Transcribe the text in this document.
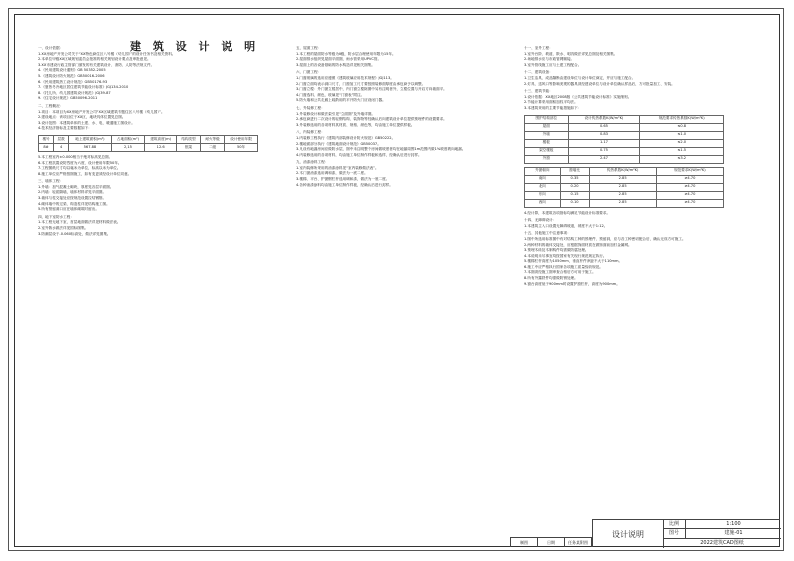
建 筑 设 计 说 明
一、设计依据：
1.XX房地产开发公司关于“XX特色商住区八号楼（幼儿园）”的设计任务书及相关资料。
2.本单位甲级XX区域规划委员会批准的相关规划设计要点及审批意见。
3.XX市建设行政主管部门颁发的有关建筑设计、消防、人防等法规文件。
4.《民用建筑设计通则》GB 50352-2005
5.《建筑设计防火规范》GB50016-2006
6.《民用建筑热工设计规范》GB50176-93
7.《夏热冬冷地区居住建筑节能设计标准》JGJ134-2010
8.《托儿所、幼儿园建筑设计规范》JGJ39-87
9.《住宅设计规范》GB50096-2011
二、工程概况：
1.项目：本项目为XX房地产开发公司“XX区域建筑专题住区八号楼（幼儿园）”。
2.建设地点：该项目位于XX区，地块具体位置见总图。
3.设计范围：本建筑单体的土建、水、电、暖通施工图设计。
4.技术经济指标及主要数据如下：
楼号	层数	地上建筑面积(m²)	占地面积(m²)	建筑高度(m)	结构类型	耐火等级	设计使用年限
8#	4	567.88	2,15	12.6	框架	二级	50年
5.本工程室内±0.000相当于绝对标高见总图。
6.本工程抗震设防烈度为六度，设计使用年限50年。
7.工程图纸尺寸均以毫米为单位，标高以米为单位。
8.施工单位应严格按图施工，如有变更须经设计单位同意。
三、墙体工程：
1.外墙：加气混凝土砌块，厚度见各层平面图。
2.内墙：轻质隔墙，墙体材料详见平面图。
3.墙体与柱交接处应按规范设置拉结钢筋。
4.砌体墙中的过梁、构造柱详见结构施工图。
5.所有预留洞口应在墙体砌筑时留出。
四、地下室防水工程：
1.本工程无地下室，首层地面做法详见材料做法表。
2.室外散水做法详见国标图集。
3.防潮层设于-0.060标高处，做法详见图集。
五、屋面工程：
1.本工程的屋面防水等级为Ⅱ级，防水层合理使用年限为15年。
2.屋面排水组织见屋面平面图，雨水管采用UPVC管。
3.屋面上的各设备基础的防水构造详见相关图集。
六、门窗工程：
1.门窗玻璃的选用应遵照《建筑玻璃应用技术规程》JGJ113。
2.门窗立面均表示洞口尺寸，门窗加工尺寸要按照装修面厚度由承包商予以调整。
3.门窗立樘：外门窗立樘居中，内门窗立樘除图中另有注明者外，立樘位置与开启方向墙面平。
4.门窗选料、颜色、玻璃见“门窗表”附注。
5.防火墙和公共走廊上疏散用的平开防火门应设闭门器。
七、外装修工程：
1.外装修设计和做法索引见“立面图”及外墙详图。
2.承包商进行二次设计的轻钢结构、装饰物等经确认后向建筑设计单位提供预埋件的设置要求。
3.外装修选用的各项材料其材质、规格、颜色等，均由施工单位提供样板。
八、内装修工程：
1.内装修工程执行《建筑内部装修设计防火规范》GB50222。
2.楼地面部分执行《建筑地面设计规范》GB50037。
3.凡设有地漏房间应做防水层，图中未注明整个房间做坡度者均在地漏周围1m范围内做1%坡度坡向地漏。
4.内装修选用的各项材料，均由施工单位制作样板和选样，经确认后进行封样。
九、油漆涂料工程：
1.室内装修所采用的油漆涂料见“室内装修做法表”。
2.木门窗油漆选用调和漆，做法为一底二度。
3.楼梯、平台、护窗钢栏杆选用调和漆，做法为一底二度。
4.各种油漆涂料均由施工单位制作样板，经确认后进行封样。
十一、室外工程：
1.室外台阶、坡道、散水、明沟做法详见总图及相关图集。
2.场地排水应与市政管网顺接。
3.室外管线施工应与土建工程配合。
十二、建筑设备：
1.卫生洁具、成品隔断由建设单位与设计单位商定，并应与施工配合。
2.灯具、送风口等影响美观的器具须经建设单位与设计单位确认样品后，方可批量加工、安装。
十三、建筑节能：
1.设计依据：XX地区2008版《公共建筑节能设计标准》实施细则。
2.节能计算采用面积加权平均法。
3.本建筑采用的主要节能措施如下：
围护结构部位	设计传热系数K(W/m²K)	规范要求传热系数K(W/m²K)
屋面	0.65	≤0.8
外墙	0.83	≤1.0
楼板	1.17	≤2.0
架空楼板	0.75	≤1.5
外窗	2.47	≤3.2
外窗朝向	窗墙比	传热系数K(W/m²K)	规范要求K(W/m²K)
南向	0.35	2.85	≥4.70
北向	0.20	2.85	≥4.70
东向	0.15	2.85	≥4.70
西向	0.10	2.85	≥4.70
4.经计算，本建筑各项指标均满足节能设计标准要求。
十四、无障碍设计：
1.本建筑主入口设置无障碍坡道，坡度不大于1:12。
十五、其他施工中注意事项：
1.图中所选用标准图中有对结构工种的预埋件、预留洞，应与各工种密切配合后，确认无误方可施工。
2.两种材料的墙体交接处，应根据饰面材质在做饰面前加钉金属网。
3.预埋木砖及木制构件均需做防腐处理。
4.本说明未尽事宜均按国家有关现行规范规定执行。
5.楼梯栏杆高度为1050mm，垂直杆件净距不大于110mm。
6.施工中应严格执行国家各项施工质量验收规范。
7.本图须经施工图审查合格后方可用于施工。
8.所有外露铁件均需做防锈处理。
9.窗台高度低于900mm时设置护窗栏杆，高度为900mm。
制图	日期	任务某附图
设计说明
比例	1:100
图号	建施-01
2022建筑CAD图纸
